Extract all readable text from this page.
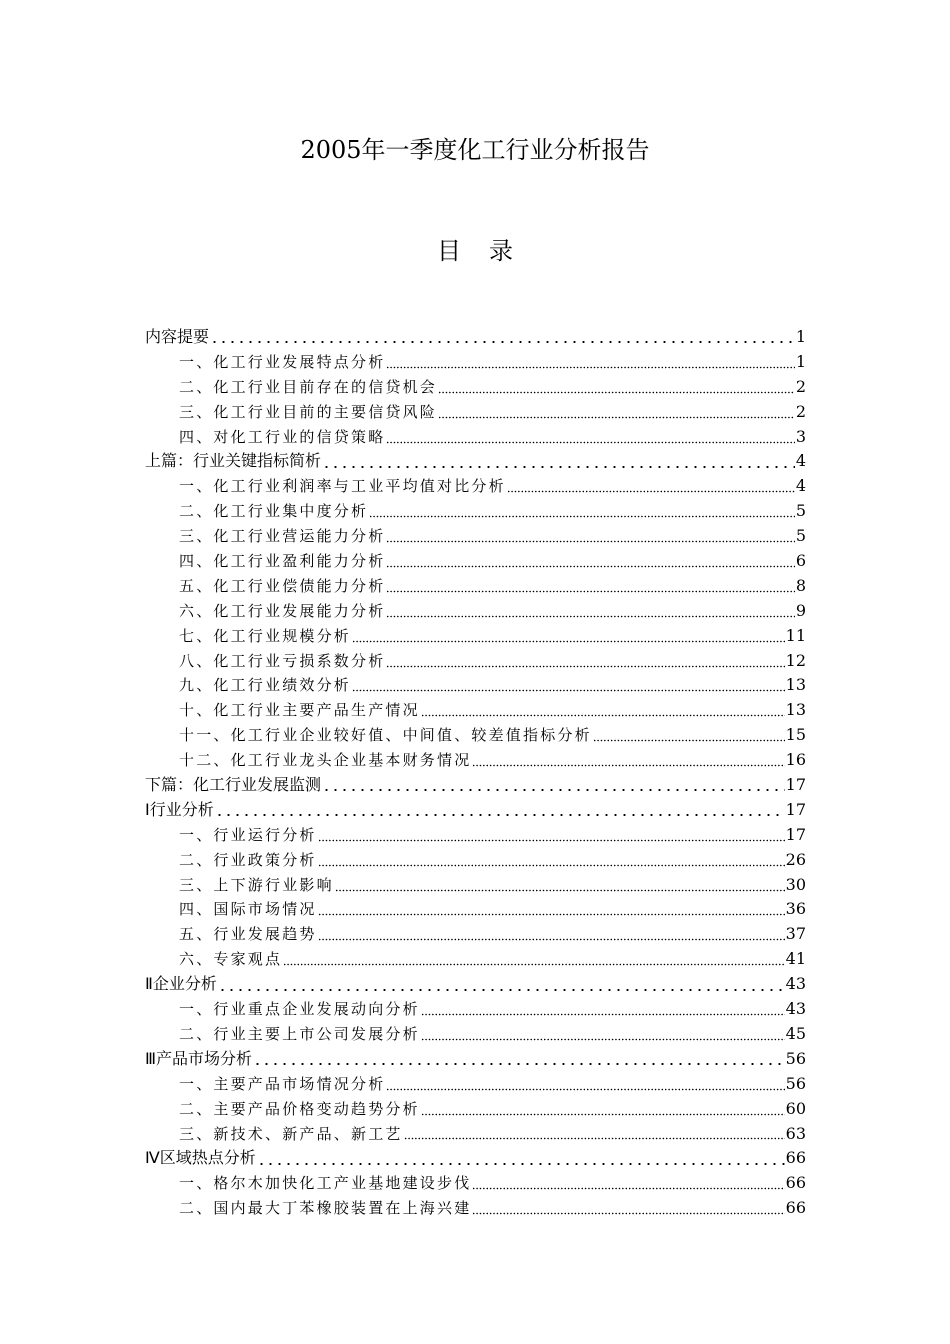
2005年一季度化工行业分析报告
目录
内容提要	1
一、化工行业发展特点分析	1
二、化工行业目前存在的信贷机会	2
三、化工行业目前的主要信贷风险	2
四、对化工行业的信贷策略	3
上篇：行业关键指标简析	4
一、化工行业利润率与工业平均值对比分析	4
二、化工行业集中度分析	5
三、化工行业营运能力分析	5
四、化工行业盈利能力分析	6
五、化工行业偿债能力分析	8
六、化工行业发展能力分析	9
七、化工行业规模分析	11
八、化工行业亏损系数分析	12
九、化工行业绩效分析	13
十、化工行业主要产品生产情况	13
十一、化工行业企业较好值、中间值、较差值指标分析	15
十二、化工行业龙头企业基本财务情况	16
下篇：化工行业发展监测	17
Ⅰ行业分析	17
一、行业运行分析	17
二、行业政策分析	26
三、上下游行业影响	30
四、国际市场情况	36
五、行业发展趋势	37
六、专家观点	41
Ⅱ企业分析	43
一、行业重点企业发展动向分析	43
二、行业主要上市公司发展分析	45
Ⅲ产品市场分析	56
一、主要产品市场情况分析	56
二、主要产品价格变动趋势分析	60
三、新技术、新产品、新工艺	63
Ⅳ区域热点分析	66
一、格尔木加快化工产业基地建设步伐	66
二、国内最大丁苯橡胶装置在上海兴建	66
